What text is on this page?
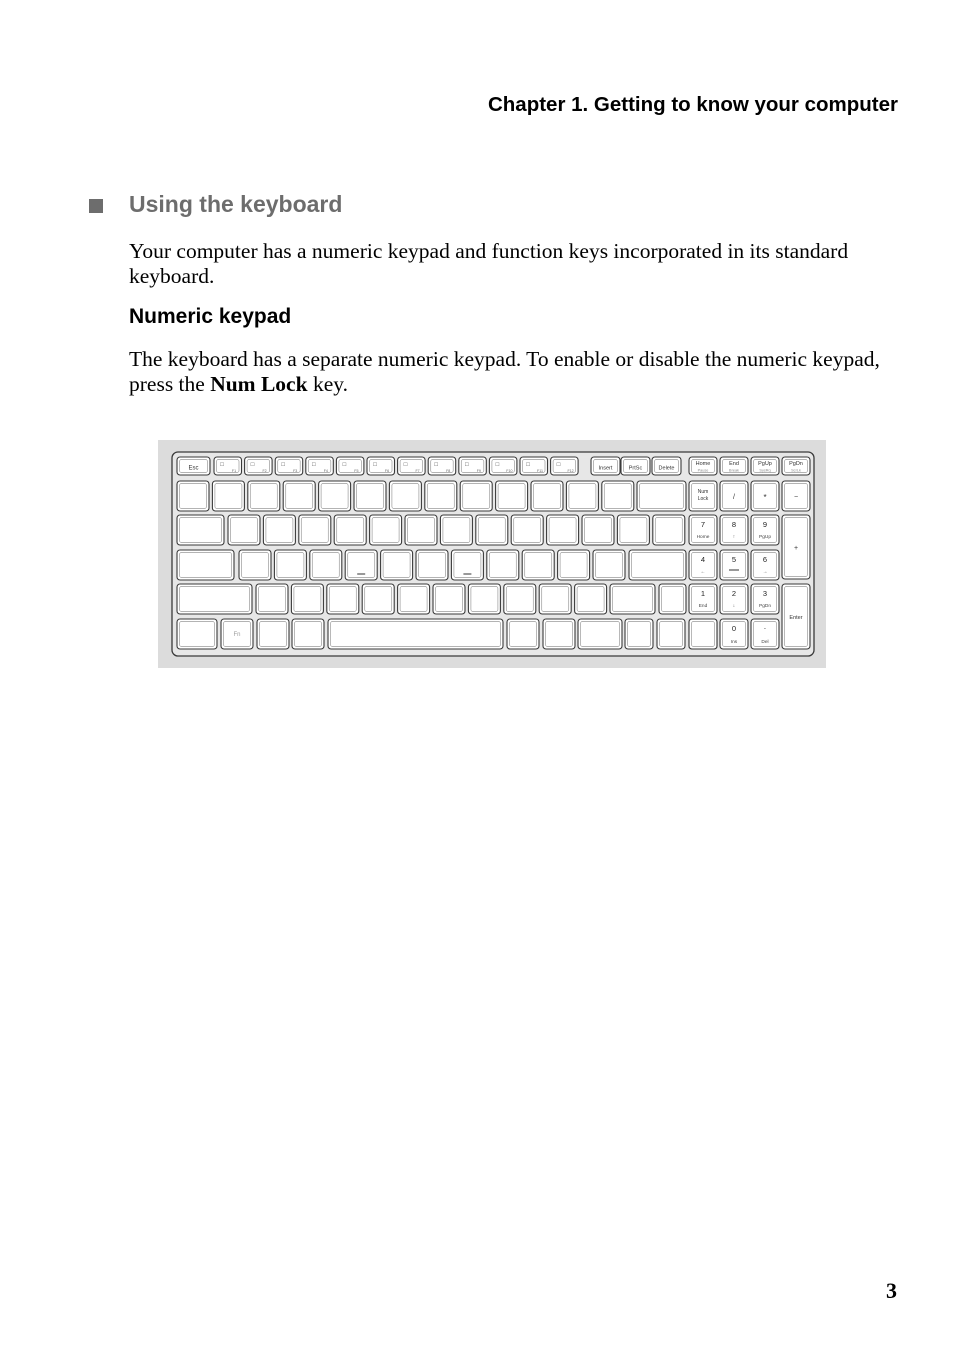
Chapter 1. Getting to know your computer
Using the keyboard
Your computer has a numeric keypad and function keys incorporated in its standard keyboard.
Numeric keypad
The keyboard has a separate numeric keypad. To enable or disable the numeric keypad, press the Num Lock key.
Esc
□
F1
□
F2
□
F3
□
F4
□
F5
□
F6
□
F7
□
F8
□
F9
□
F10
□
F11
□
F12	Insert	PrtSc	Delete
Home
Pause
End
Break
PgUp
SysRq
PgDn
ScrLk
Fn
Num
Lock	/	*	−
7
Home
8
↑
9
PgUp
4
←
5	6
→
1
End
2
↓
3
PgDn
+
Enter
0
Ins
·
Del
3
